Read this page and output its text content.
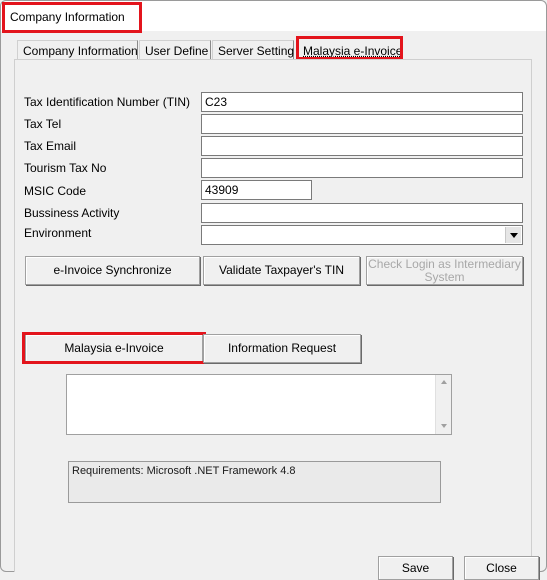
Company Information
Company Information User Define Server Setting Malaysia e-Invoice
Tax Identification Number (TIN)	C23
Tax Tel
Tax Email
Tourism Tax No
MSIC Code	43909
Bussiness Activity
Environment
e-Invoice Synchronize	Validate Taxpayer's TIN Check Login as Intermediary System
Malaysia e-Invoice	Information Request
Requirements: Microsoft .NET Framework 4.8
Save	Close
